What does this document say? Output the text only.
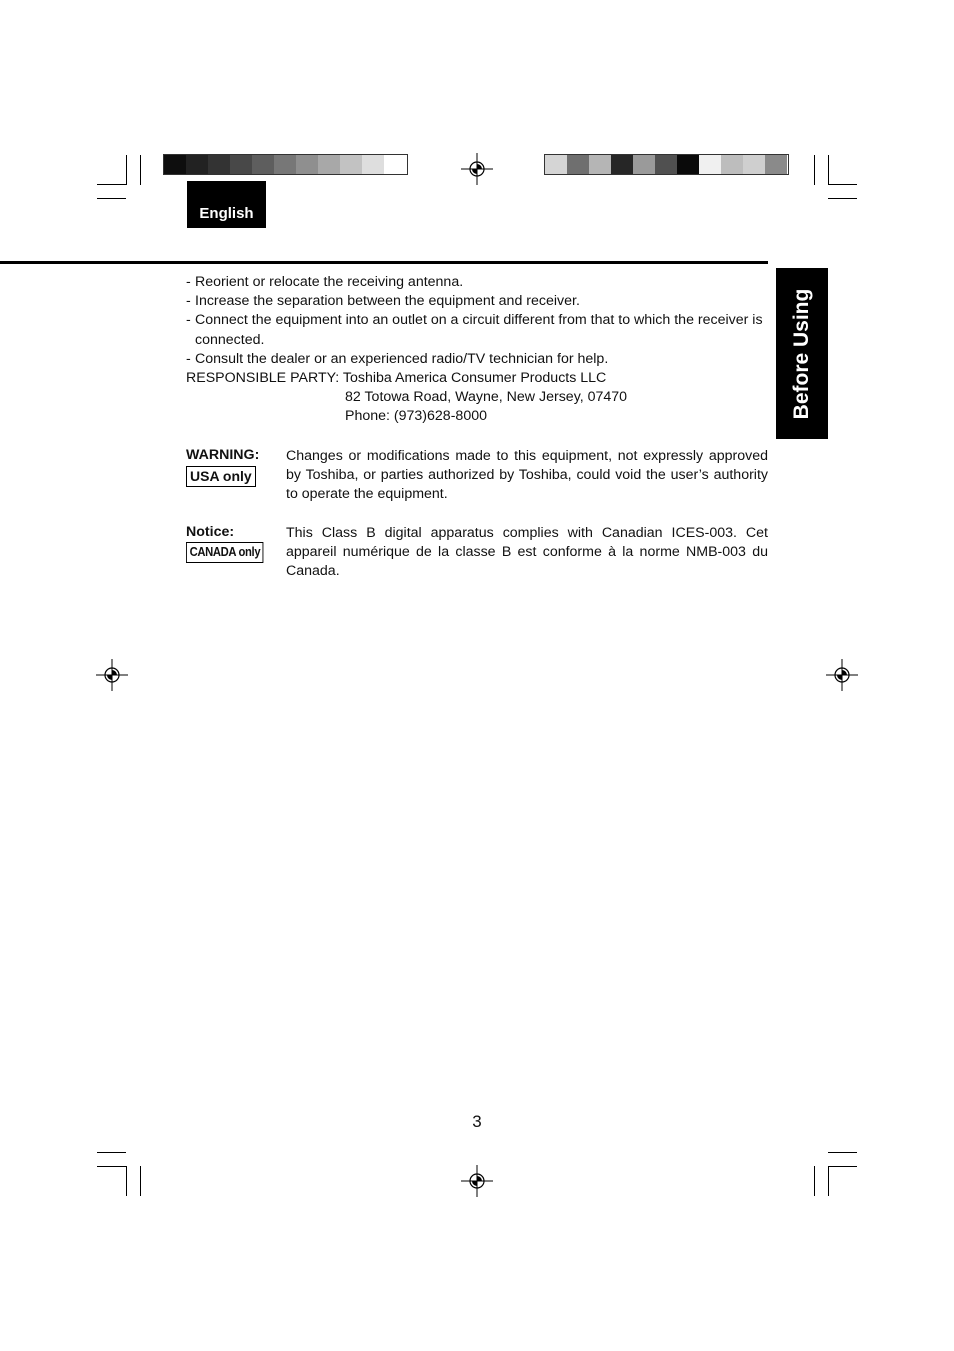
English
Before Using
- Reorient or relocate the receiving antenna.
- Increase the separation between the equipment and receiver.
- Connect the equipment into an outlet on a circuit different from that to which the receiver is connected.
- Consult the dealer or an experienced radio/TV technician for help.
RESPONSIBLE PARTY: Toshiba America Consumer Products LLC
82 Totowa Road, Wayne, New Jersey, 07470
Phone: (973)628-8000
WARNING:
USA only
Changes or modifications made to this equipment, not expressly approved by Toshiba, or parties authorized by Toshiba, could void the user’s authority to operate the equipment.
Notice:
CANADA only
This Class B digital apparatus complies with Canadian ICES-003. Cet appareil numérique de la classe B est conforme à la norme NMB-003 du Canada.
3
